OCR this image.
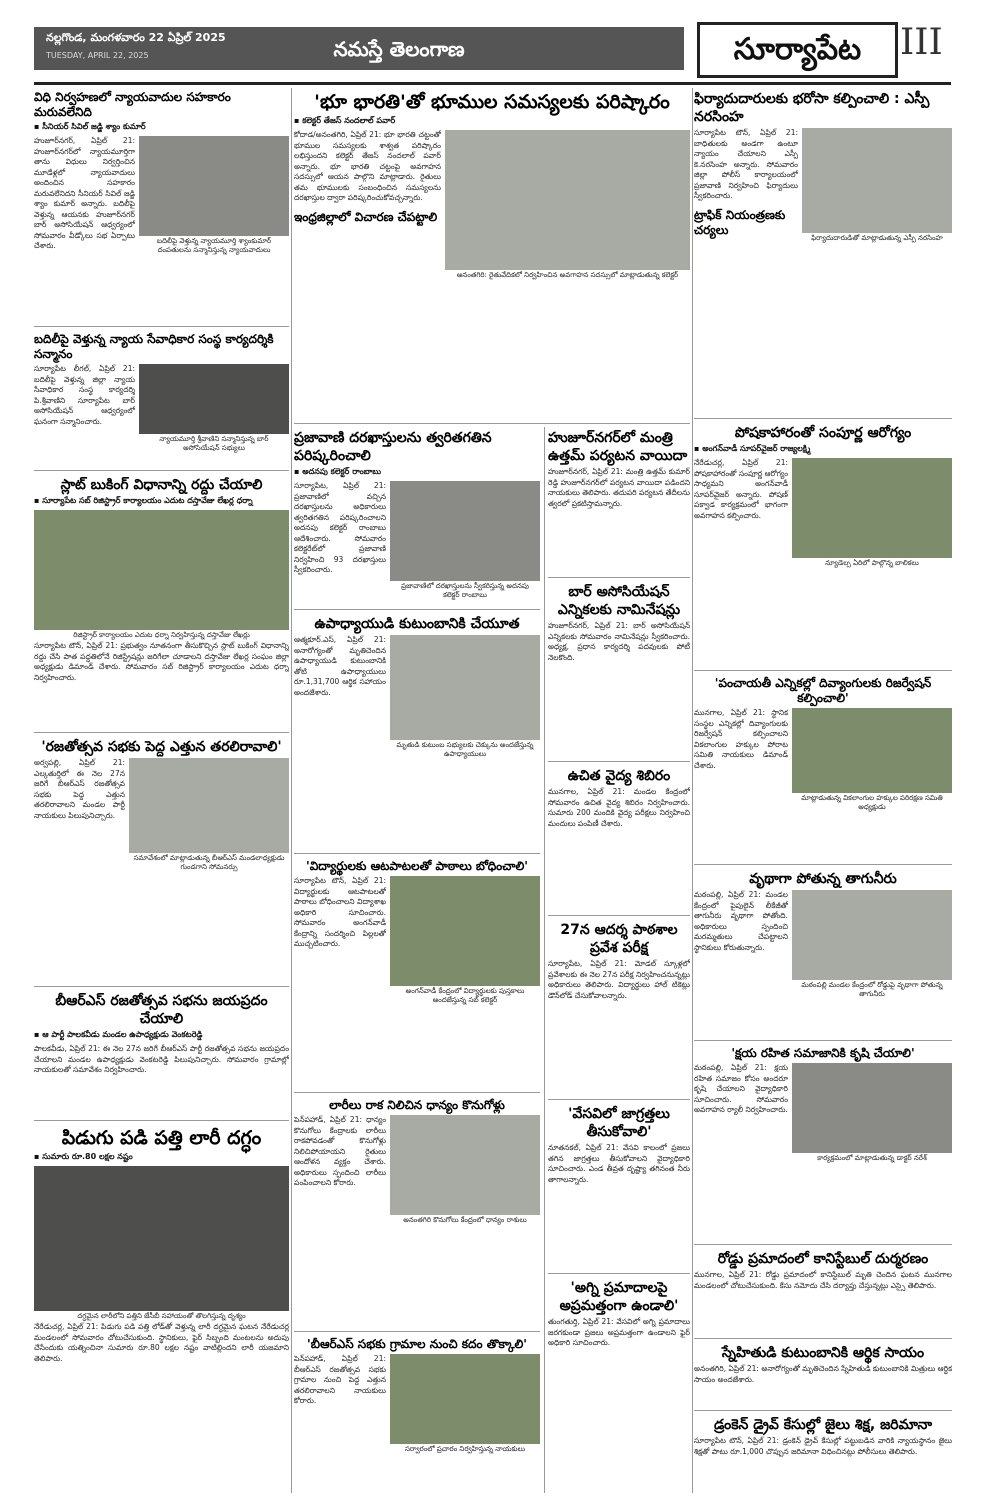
నల్లగొండ, మంగళవారం 22 ఏప్రిల్ 2025
TUESDAY, APRIL 22, 2025	నమస్తే తెలంగాణ	సూర్యాపేట	III
విధి నిర్వహణలో న్యాయవాదుల సహకారం మరువలేనిది
▪ సీనియర్ సివిల్ జడ్జి శ్యాం కుమార్
బదిలీపై వెళ్తున్న న్యాయమూర్తి శ్యాంకుమార్ దంపతులను సన్మానిస్తున్న న్యాయవాదులు
హుజూర్‌నగర్, ఏప్రిల్ 21: హుజూర్‌నగర్‌లో న్యాయమూర్తిగా తాను విధులు నిర్వర్తించిన మూడేళ్లలో న్యాయవాదులు అందించిన సహకారం మరువలేనిదని సీనియర్ సివిల్ జడ్జి శ్యాం కుమార్ అన్నారు. బదిలీపై వెళ్తున్న ఆయనకు హుజూర్‌నగర్ బార్ అసోసియేషన్ ఆధ్వర్యంలో సోమవారం వీడ్కోలు సభ ఏర్పాటు చేశారు.
బదిలీపై వెళ్తున్న న్యాయ సేవాధికార సంస్థ కార్యదర్శికి సన్మానం
న్యాయమూర్తి శ్రీవాణిని సన్మానిస్తున్న బార్ అసోసియేషన్ సభ్యులు
సూర్యాపేట లీగల్, ఏప్రిల్ 21: బదిలీపై వెళ్తున్న జిల్లా న్యాయ సేవాధికార సంస్థ కార్యదర్శి పి.శ్రీవాణిని సూర్యాపేట బార్ అసోసియేషన్ ఆధ్వర్యంలో ఘనంగా సన్మానించారు.
స్లాట్ బుకింగ్ విధానాన్ని రద్దు చేయాలి
▪ సూర్యాపేట సబ్ రిజిస్ట్రార్ కార్యాలయం ఎదుట దస్తావేజు లేఖర్ల ధర్నా
రిజిస్ట్రార్ కార్యాలయం ఎదుట ధర్నా నిర్వహిస్తున్న దస్తావేజు లేఖర్లు
సూర్యాపేట టౌన్, ఏప్రిల్ 21: ప్రభుత్వం నూతనంగా తీసుకొచ్చిన స్లాట్ బుకింగ్ విధానాన్ని రద్దు చేసి పాత పద్ధతిలోనే రిజిస్ట్రేషన్లు జరిగేలా చూడాలని దస్తావేజు లేఖర్ల సంఘం జిల్లా అధ్యక్షుడు డిమాండ్ చేశారు. సోమవారం సబ్ రిజిస్ట్రార్ కార్యాలయం ఎదుట ధర్నా నిర్వహించారు.
'రజతోత్సవ సభకు పెద్ద ఎత్తున తరలిరావాలి'
సమావేశంలో మాట్లాడుతున్న బీఆర్‌ఎస్ మండలాధ్యక్షుడు గుండగాని సోమనర్సు
అర్వపల్లి, ఏప్రిల్ 21: ఎల్కతుర్తిలో ఈ నెల 27న జరిగే బీఆర్‌ఎస్ రజతోత్సవ సభకు పెద్ద ఎత్తున తరలిరావాలని మండల పార్టీ నాయకులు పిలుపునిచ్చారు.
బీఆర్‌ఎస్ రజతోత్సవ సభను జయప్రదం చేయాలి
▪ ఆ పార్టీ పాలకవీడు మండల ఉపాధ్యక్షుడు వెంకటరెడ్డి
పాలకవీడు, ఏప్రిల్ 21: ఈ నెల 27న జరిగే బీఆర్‌ఎస్ పార్టీ రజతోత్సవ సభను జయప్రదం చేయాలని మండల ఉపాధ్యక్షుడు వెంకటరెడ్డి పిలుపునిచ్చారు. సోమవారం గ్రామాల్లో నాయకులతో సమావేశం నిర్వహించారు.
పిడుగు పడి పత్తి లారీ దగ్ధం
▪ సుమారు రూ.80 లక్షల నష్టం
దగ్ధమైన లారీలోని పత్తిని జేసీబీ సహాయంతో తొలగిస్తున్న దృశ్యం
నేరేడుచర్ల, ఏప్రిల్ 21: పిడుగు పడి పత్తి లోడ్‌తో వెళ్తున్న లారీ దగ్ధమైన ఘటన నేరేడుచర్ల మండలంలో సోమవారం చోటుచేసుకుంది. స్థానికులు, ఫైర్ సిబ్బంది మంటలను అదుపు చేసేందుకు యత్నించినా సుమారు రూ.80 లక్షల నష్టం వాటిల్లిందని లారీ యజమాని తెలిపారు.
'భూ భారతి'తో భూముల సమస్యలకు పరిష్కారం
▪ కలెక్టర్ తేజస్ నందలాల్ పవార్
అనంతగిరి: రైతువేదికలో నిర్వహించిన అవగాహన సదస్సులో మాట్లాడుతున్న కలెక్టర్
కోదాడ/అనంతగిరి, ఏప్రిల్ 21: భూ భారతి చట్టంతో భూముల సమస్యలకు శాశ్వత పరిష్కారం లభిస్తుందని కలెక్టర్ తేజస్ నందలాల్ పవార్ అన్నారు. భూ భారతి చట్టంపై అవగాహన సదస్సులో ఆయన పాల్గొని మాట్లాడారు. రైతులు తమ భూములకు సంబంధించిన సమస్యలను దరఖాస్తుల ద్వారా పరిష్కరించుకోవచ్చన్నారు.
ఇంధ్రజిల్లాలో విచారణ చేపట్టాలి
ప్రజావాణి దరఖాస్తులను త్వరితగతిన పరిష్కరించాలి
▪ అదనపు కలెక్టర్ రాంబాబు
ప్రజావాణిలో దరఖాస్తులను స్వీకరిస్తున్న అదనపు కలెక్టర్ రాంబాబు
సూర్యాపేట, ఏప్రిల్ 21: ప్రజావాణిలో వచ్చిన దరఖాస్తులను అధికారులు త్వరితగతిన పరిష్కరించాలని అదనపు కలెక్టర్ రాంబాబు ఆదేశించారు. సోమవారం కలెక్టరేట్‌లో ప్రజావాణి నిర్వహించి 93 దరఖాస్తులు స్వీకరించారు.
ఉపాధ్యాయుడి కుటుంబానికి చేయూత
మృతుడి కుటుంబ సభ్యులకు చెక్కును అందజేస్తున్న ఉపాధ్యాయులు
ఆత్మకూర్.ఎస్, ఏప్రిల్ 21: అనారోగ్యంతో మృతిచెందిన ఉపాధ్యాయుడి కుటుంబానికి తోటి ఉపాధ్యాయులు రూ.1,31,700 ఆర్థిక సహాయం అందజేశారు.
'విద్యార్థులకు ఆటపాటలతో పాఠాలు బోధించాలి'
అంగన్‌వాడీ కేంద్రంలో విద్యార్థులకు పుస్తకాలు అందజేస్తున్న సబ్ కలెక్టర్
సూర్యాపేట టౌన్, ఏప్రిల్ 21: విద్యార్థులకు ఆటపాటలతో పాఠాలు బోధించాలని విద్యాశాఖ అధికారి సూచించారు. సోమవారం అంగన్‌వాడీ కేంద్రాన్ని సందర్శించి పిల్లలతో ముచ్చటించారు.
లారీలు రాక నిలిచిన ధాన్యం కొనుగోళ్లు
అనంతగిరి కొనుగోలు కేంద్రంలో ధాన్యం రాశులు
పెన్‌పహాడ్, ఏప్రిల్ 21: ధాన్యం కొనుగోలు కేంద్రాలకు లారీలు రాకపోవడంతో కొనుగోళ్లు నిలిచిపోయాయని రైతులు ఆందోళన వ్యక్తం చేశారు. అధికారులు స్పందించి లారీలు పంపించాలని కోరారు.
'బీఆర్‌ఎస్ సభకు గ్రామాల నుంచి కదం తొక్కాలి'
సర్వారంలో ప్రచారం నిర్వహిస్తున్న నాయకులు
పెన్‌పహాడ్, ఏప్రిల్ 21: బీఆర్‌ఎస్ రజతోత్సవ సభకు గ్రామాల నుంచి పెద్ద ఎత్తున తరలిరావాలని నాయకులు కోరారు.
హుజూర్‌నగర్‌లో మంత్రి ఉత్తమ్ పర్యటన వాయిదా
హుజూర్‌నగర్, ఏప్రిల్ 21: మంత్రి ఉత్తమ్ కుమార్ రెడ్డి హుజూర్‌నగర్‌లో పర్యటన వాయిదా పడిందని నాయకులు తెలిపారు. తదుపరి పర్యటన తేదీలను త్వరలో ప్రకటిస్తామన్నారు.
బార్ అసోసియేషన్ ఎన్నికలకు నామినేషన్లు
హుజూర్‌నగర్, ఏప్రిల్ 21: బార్ అసోసియేషన్ ఎన్నికలకు సోమవారం నామినేషన్లు స్వీకరించారు. అధ్యక్ష, ప్రధాన కార్యదర్శి పదవులకు పోటీ నెలకొంది.
ఉచిత వైద్య శిబిరం
మునగాల, ఏప్రిల్ 21: మండల కేంద్రంలో సోమవారం ఉచిత వైద్య శిబిరం నిర్వహించారు. సుమారు 200 మందికి వైద్య పరీక్షలు నిర్వహించి మందులు పంపిణీ చేశారు.
27న ఆదర్శ పాఠశాల ప్రవేశ పరీక్ష
సూర్యాపేట, ఏప్రిల్ 21: మోడల్ స్కూళ్లలో ప్రవేశాలకు ఈ నెల 27న పరీక్ష నిర్వహించనున్నట్లు అధికారులు తెలిపారు. విద్యార్థులు హాల్ టికెట్లు డౌన్‌లోడ్ చేసుకోవాలన్నారు.
'వేసవిలో జాగ్రత్తలు తీసుకోవాలి'
నూతనకల్, ఏప్రిల్ 21: వేసవి కాలంలో ప్రజలు తగిన జాగ్రత్తలు తీసుకోవాలని వైద్యాధికారి సూచించారు. ఎండ తీవ్రత దృష్ట్యా తగినంత నీరు తాగాలన్నారు.
'అగ్ని ప్రమాదాలపై అప్రమత్తంగా ఉండాలి'
తుంగతుర్తి, ఏప్రిల్ 21: వేసవిలో అగ్ని ప్రమాదాలు జరగకుండా ప్రజలు అప్రమత్తంగా ఉండాలని ఫైర్ అధికారి సూచించారు.
ఫిర్యాదుదారులకు భరోసా కల్పించాలి : ఎస్పీ నరసింహ
ఫిర్యాదుదారుడితో మాట్లాడుతున్న ఎస్పీ నరసింహ
సూర్యాపేట టౌన్, ఏప్రిల్ 21: బాధితులకు అండగా ఉంటూ న్యాయం చేయాలని ఎస్పీ కె.నరసింహ అన్నారు. సోమవారం జిల్లా పోలీస్ కార్యాలయంలో ప్రజావాణి నిర్వహించి ఫిర్యాదులు స్వీకరించారు.
ట్రాఫిక్ నియంత్రణకు చర్యలు
పోషకాహారంతో సంపూర్ణ ఆరోగ్యం
▪ అంగన్‌వాడీ సూపర్‌వైజర్ రాజ్యలక్ష్మి
న్యూడెల్స ఏరిలో పాల్గొన్న బాలికలు
నేరేడుచర్ల, ఏప్రిల్ 21: పోషకాహారంతో సంపూర్ణ ఆరోగ్యం సాధ్యమని అంగన్‌వాడీ సూపర్‌వైజర్ అన్నారు. పోషణ్ పక్వాడ కార్యక్రమంలో భాగంగా అవగాహన కల్పించారు.
'పంచాయతీ ఎన్నికల్లో దివ్యాంగులకు రిజర్వేషన్ కల్పించాలి'
మాట్లాడుతున్న వికలాంగుల హక్కుల పరిరక్షణ సమితి అధ్యక్షుడు
మునగాల, ఏప్రిల్ 21: స్థానిక సంస్థల ఎన్నికల్లో దివ్యాంగులకు రిజర్వేషన్ కల్పించాలని వికలాంగుల హక్కుల పోరాట సమితి నాయకులు డిమాండ్ చేశారు.
వృథాగా పోతున్న తాగునీరు
మఠంపల్లి మండల కేంద్రంలో రోడ్డుపై వృథాగా పోతున్న తాగునీరు
మఠంపల్లి, ఏప్రిల్ 21: మండల కేంద్రంలో పైపులైన్ లీకేజీతో తాగునీరు వృథాగా పోతోంది. అధికారులు స్పందించి మరమ్మతులు చేపట్టాలని స్థానికులు కోరుతున్నారు.
'క్షయ రహిత సమాజానికి కృషి చేయాలి'
కార్యక్రమంలో మాట్లాడుతున్న డాక్టర్ నరేశ్
మఠంపల్లి, ఏప్రిల్ 21: క్షయ రహిత సమాజం కోసం అందరూ కృషి చేయాలని వైద్యాధికారి సూచించారు. సోమవారం అవగాహన ర్యాలీ నిర్వహించారు.
రోడ్డు ప్రమాదంలో కానిస్టేబుల్ దుర్మరణం
మునగాల, ఏప్రిల్ 21: రోడ్డు ప్రమాదంలో కానిస్టేబుల్ మృతి చెందిన ఘటన మునగాల మండలంలో చోటుచేసుకుంది. కేసు నమోదు చేసి దర్యాప్తు చేస్తున్నట్లు ఎస్సై తెలిపారు.
స్నేహితుడి కుటుంబానికి ఆర్థిక సాయం
అనంతగిరి, ఏప్రిల్ 21: అనారోగ్యంతో మృతిచెందిన స్నేహితుడి కుటుంబానికి మిత్రులు ఆర్థిక సాయం అందజేశారు.
డ్రంకెన్ డ్రైవ్ కేసుల్లో జైలు శిక్ష, జరిమానా
సూర్యాపేట టౌన్, ఏప్రిల్ 21: డ్రంకెన్ డ్రైవ్ కేసుల్లో పట్టుబడిన వారికి న్యాయస్థానం జైలు శిక్షతో పాటు రూ.1,000 చొప్పున జరిమానా విధించినట్లు పోలీసులు తెలిపారు.
